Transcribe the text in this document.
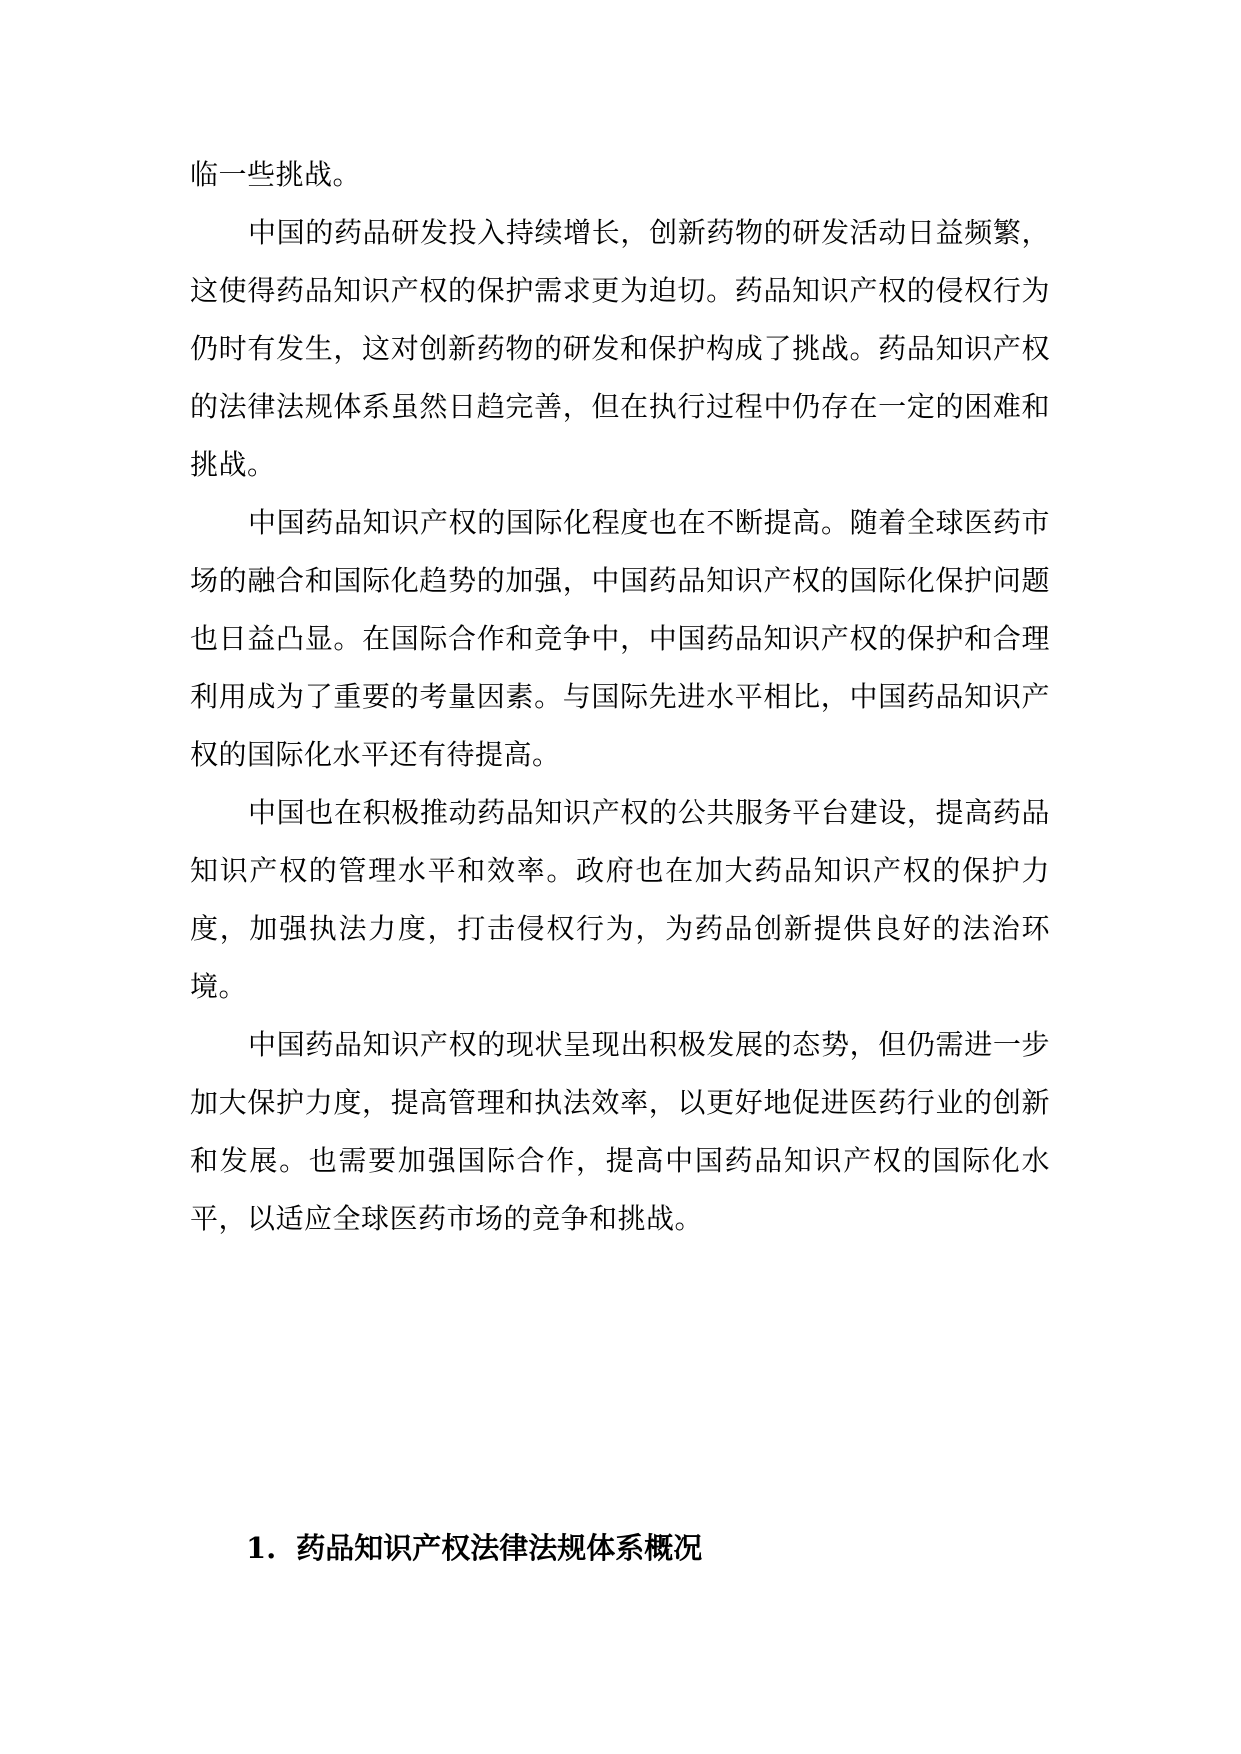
临一些挑战。

中国的药品研发投入持续增长，创新药物的研发活动日益频繁，这使得药品知识产权的保护需求更为迫切。药品知识产权的侵权行为仍时有发生，这对创新药物的研发和保护构成了挑战。药品知识产权的法律法规体系虽然日趋完善，但在执行过程中仍存在一定的困难和挑战。

中国药品知识产权的国际化程度也在不断提高。随着全球医药市场的融合和国际化趋势的加强，中国药品知识产权的国际化保护问题也日益凸显。在国际合作和竞争中，中国药品知识产权的保护和合理利用成为了重要的考量因素。与国际先进水平相比，中国药品知识产权的国际化水平还有待提高。

中国也在积极推动药品知识产权的公共服务平台建设，提高药品知识产权的管理水平和效率。政府也在加大药品知识产权的保护力度，加强执法力度，打击侵权行为，为药品创新提供良好的法治环境。

中国药品知识产权的现状呈现出积极发展的态势，但仍需进一步加大保护力度，提高管理和执法效率，以更好地促进医药行业的创新和发展。也需要加强国际合作，提高中国药品知识产权的国际化水平，以适应全球医药市场的竞争和挑战。

1. 药品知识产权法律法规体系概况
